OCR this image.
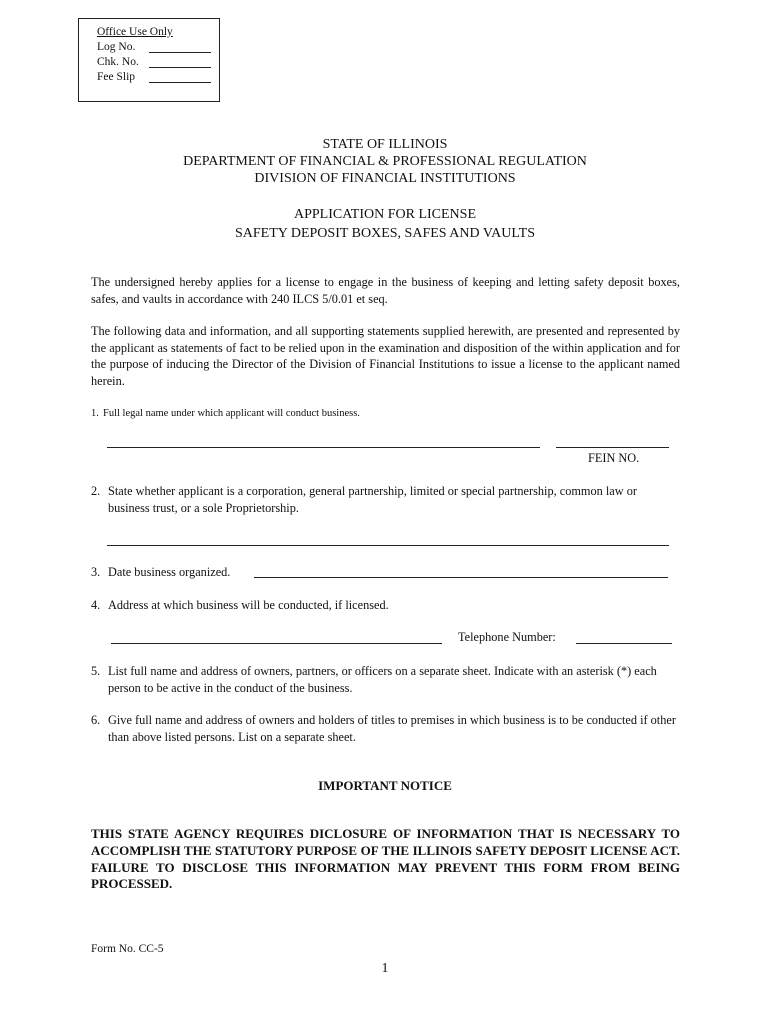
Office Use Only
Log No.
Chk. No.
Fee Slip
STATE OF ILLINOIS
DEPARTMENT OF FINANCIAL & PROFESSIONAL REGULATION
DIVISION OF FINANCIAL INSTITUTIONS
APPLICATION FOR LICENSE
SAFETY DEPOSIT BOXES, SAFES AND VAULTS
The undersigned hereby applies for a license to engage in the business of keeping and letting safety deposit boxes, safes, and vaults in accordance with 240 ILCS 5/0.01 et seq.
The following data and information, and all supporting statements supplied herewith, are presented and represented by the applicant as statements of fact to be relied upon in the examination and disposition of the within application and for the purpose of inducing the Director of the Division of Financial Institutions to issue a license to the applicant named herein.
1. Full legal name under which applicant will conduct business.
FEIN NO.
2. State whether applicant is a corporation, general partnership, limited or special partnership, common law or business trust, or a sole Proprietorship.
3. Date business organized.
4. Address at which business will be conducted, if licensed.
Telephone Number:
5. List full name and address of owners, partners, or officers on a separate sheet. Indicate with an asterisk (*) each person to be active in the conduct of the business.
6. Give full name and address of owners and holders of titles to premises in which business is to be conducted if other than above listed persons. List on a separate sheet.
IMPORTANT NOTICE
THIS STATE AGENCY REQUIRES DICLOSURE OF INFORMATION THAT IS NECESSARY TO ACCOMPLISH THE STATUTORY PURPOSE OF THE ILLINOIS SAFETY DEPOSIT LICENSE ACT. FAILURE TO DISCLOSE THIS INFORMATION MAY PREVENT THIS FORM FROM BEING PROCESSED.
Form No. CC-5
1
